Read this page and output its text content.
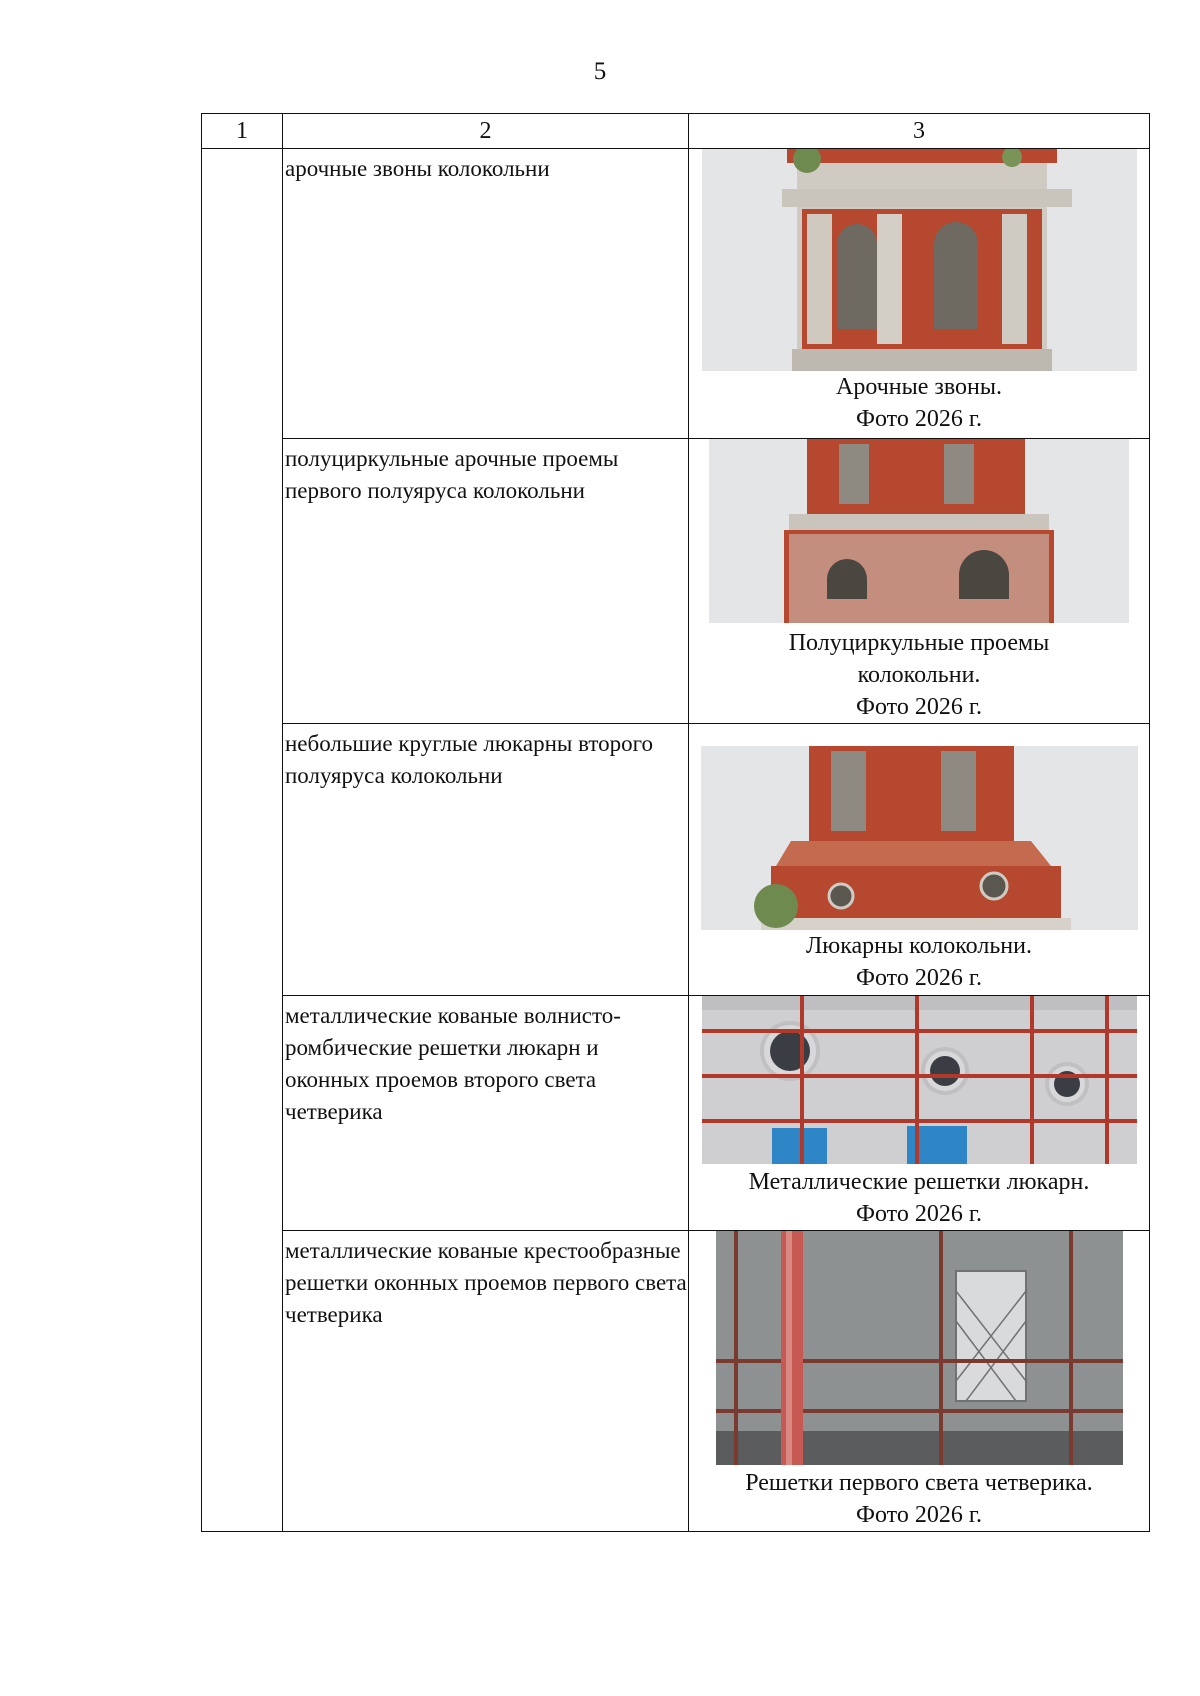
5
1	2	3
	арочные звоны колокольни	Арочные звоны.
Фото 2026 г.

	полуциркульные арочные проемы первого полуяруса колокольни	Полуциркульные проемы
колокольни.
Фото 2026 г.

	небольшие круглые люкарны второго полуяруса колокольни	Люкарны колокольни.
Фото 2026 г.

	металлические кованые волнисто-ромбические решетки люкарн и оконных проемов второго света четверика	Металлические решетки люкарн.
Фото 2026 г.

	металлические кованые крестообразные решетки оконных проемов первого света четверика	Решетки первого света четверика.
Фото 2026 г.
